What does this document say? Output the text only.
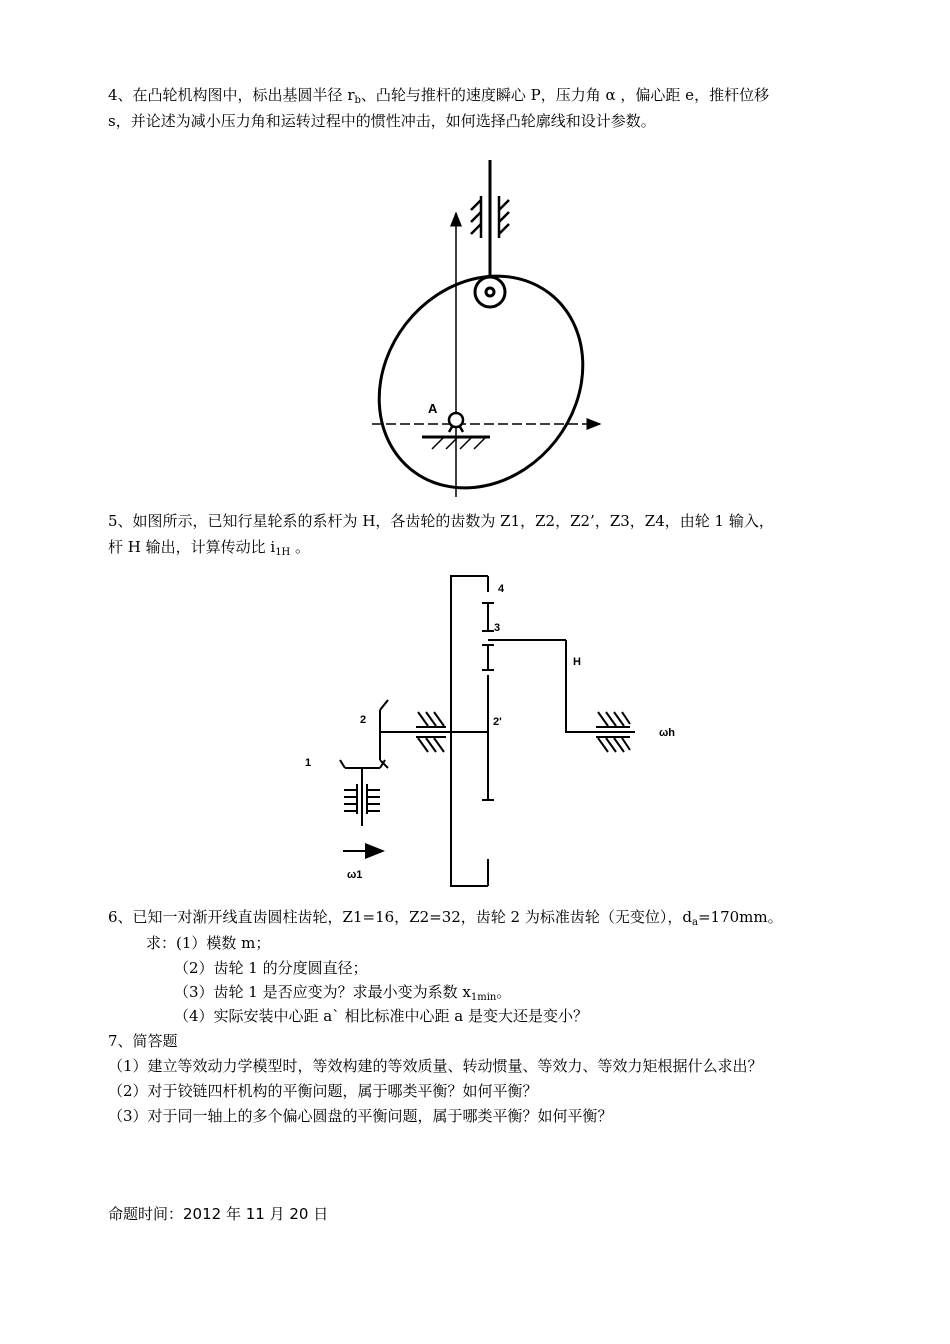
4、在凸轮机构图中，标出基圆半径 $r_b$、凸轮与推杆的速度瞬心 P，压力角 α ，偏心距 e，推杆位移
s，并论述为减小压力角和运转过程中的惯性冲击，如何选择凸轮廓线和设计参数。

A

5、如图所示，已知行星轮系的系杆为 H，各齿轮的齿数为 Z1，Z2，Z2’，Z3，Z4，由轮 1 输入，
杆 H 输出，计算传动比 $i_{1H}$ 。

4
3
H
2	2'
1
ωh
ω1
6、已知一对渐开线直齿圆柱齿轮，Z1=16，Z2=32，齿轮 2 为标准齿轮（无变位），$d_a=170mm$。
求：(1）模数 m；
（2）齿轮 1 的分度圆直径；
（3）齿轮 1 是否应变为？求最小变为系数 $x_{1min}$。
（4）实际安装中心距 a` 相比标准中心距 a 是变大还是变小？
7、简答题
（1）建立等效动力学模型时，等效构建的等效质量、转动惯量、等效力、等效力矩根据什么求出？
（2）对于铰链四杆机构的平衡问题，属于哪类平衡？如何平衡？
（3）对于同一轴上的多个偏心圆盘的平衡问题，属于哪类平衡？如何平衡？
命题时间：2012 年 11 月 20 日
